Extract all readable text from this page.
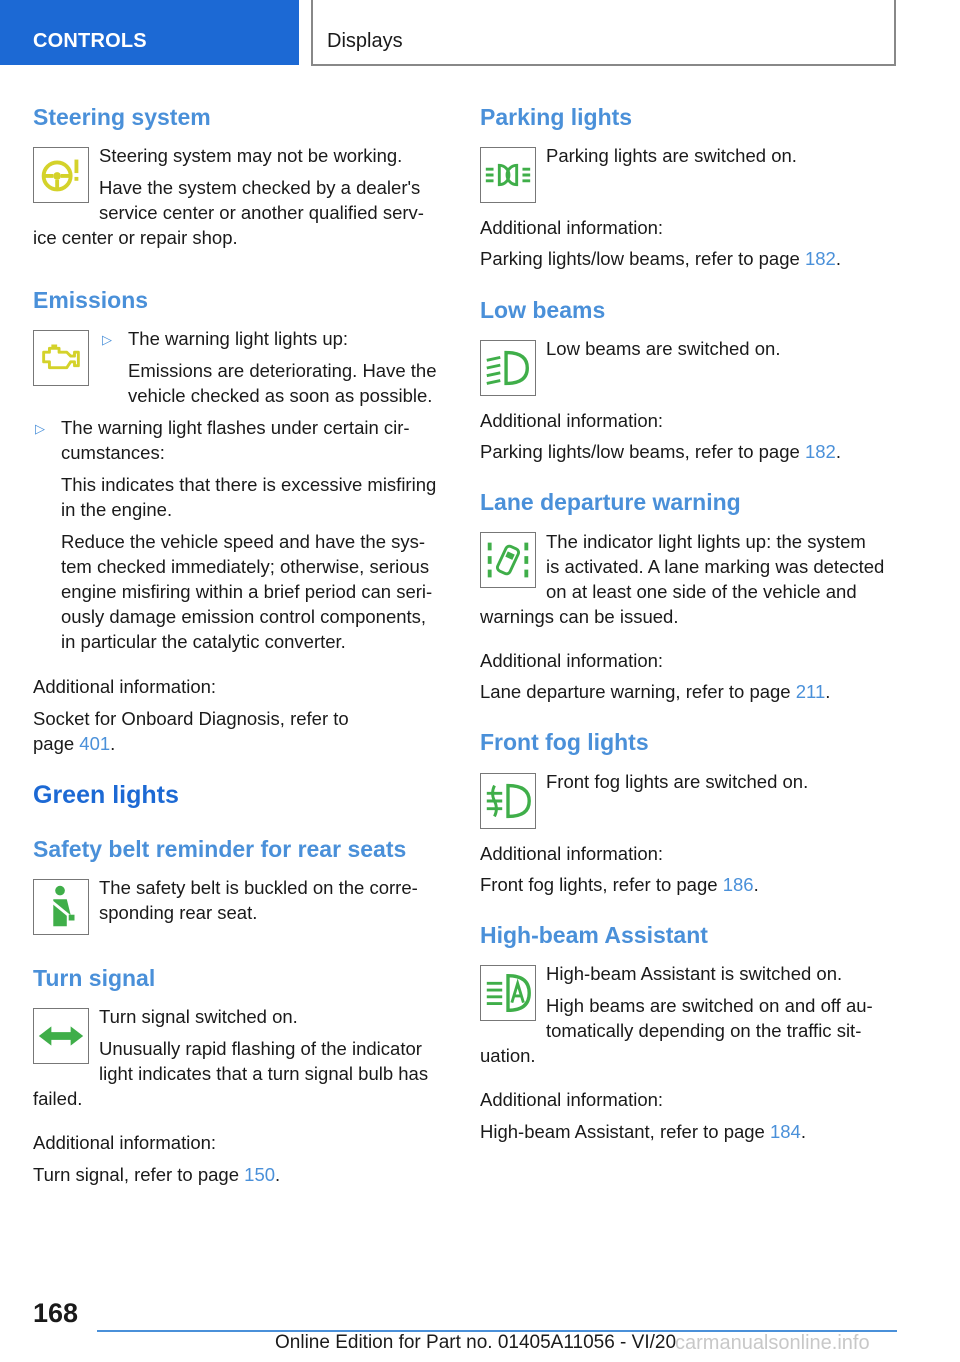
CONTROLS	Displays
Steering system
Steering system may not be working.
Have the system checked by a dealer's
service center or another qualified serv-
ice center or repair shop.
Emissions
▷ The warning light lights up:
Emissions are deteriorating. Have the
vehicle checked as soon as possible.
▷ The warning light flashes under certain cir-
cumstances:
This indicates that there is excessive misfiring
in the engine.
Reduce the vehicle speed and have the sys-
tem checked immediately; otherwise, serious
engine misfiring within a brief period can seri-
ously damage emission control components,
in particular the catalytic converter.
Additional information:
Socket for Onboard Diagnosis, refer to
page 401.
Green lights
Safety belt reminder for rear seats
The safety belt is buckled on the corre-
sponding rear seat.
Turn signal
Turn signal switched on.
Unusually rapid flashing of the indicator
light indicates that a turn signal bulb has
failed.
Additional information:
Turn signal, refer to page 150.
Parking lights
Parking lights are switched on.
Additional information:
Parking lights/low beams, refer to page 182.
Low beams
Low beams are switched on.
Additional information:
Parking lights/low beams, refer to page 182.
Lane departure warning
The indicator light lights up: the system
is activated. A lane marking was detected
on at least one side of the vehicle and
warnings can be issued.
Additional information:
Lane departure warning, refer to page 211.
Front fog lights
Front fog lights are switched on.
Additional information:
Front fog lights, refer to page 186.
High-beam Assistant
High-beam Assistant is switched on.
High beams are switched on and off au-
tomatically depending on the traffic sit-
uation.
Additional information:
High-beam Assistant, refer to page 184.
168
Online Edition for Part no. 01405A11056 - VI/20
carmanualsonline.info
